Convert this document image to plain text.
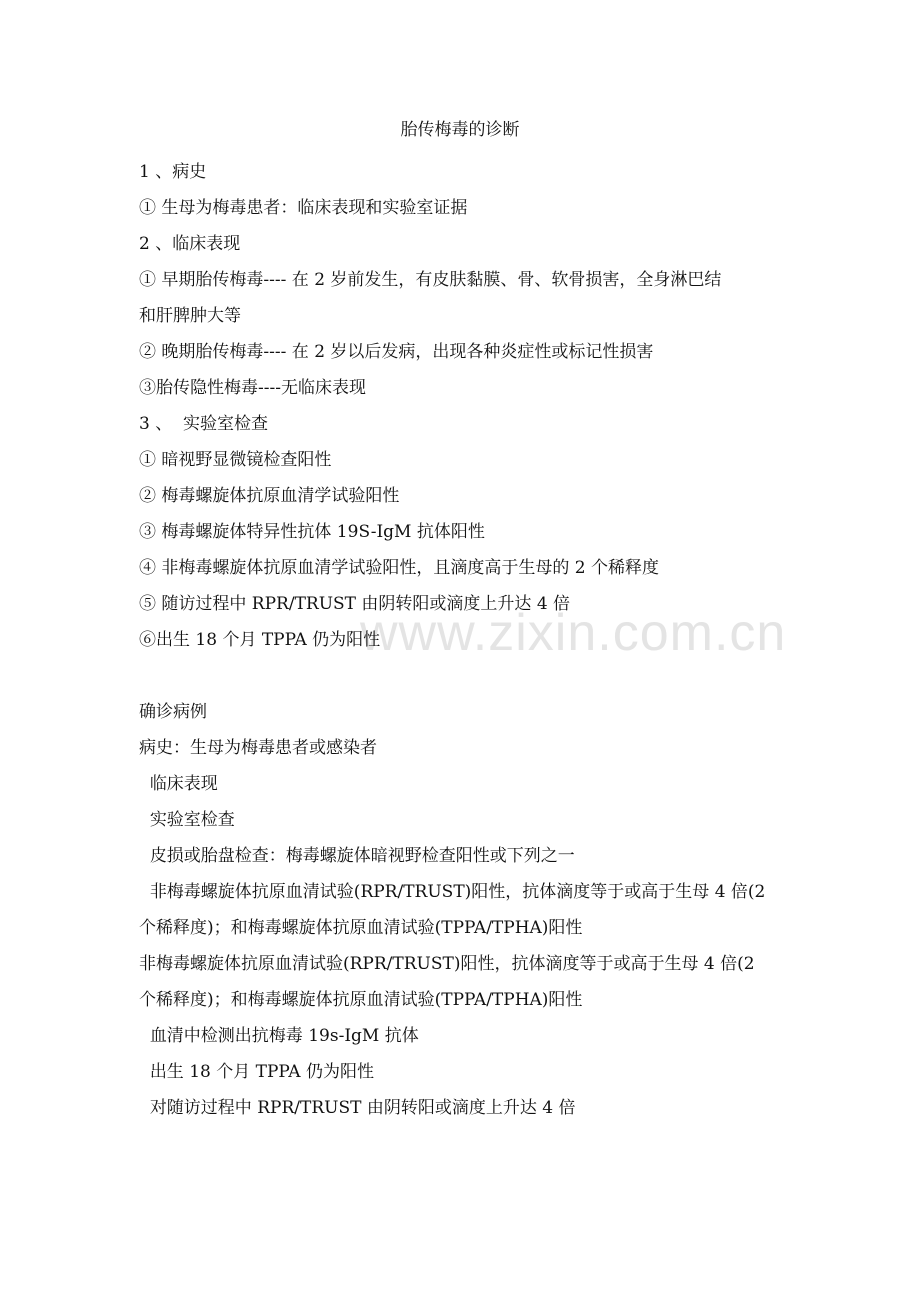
www.zixin.com.cn
胎传梅毒的诊断

1 、病史

① 生母为梅毒患者：临床表现和实验室证据

2 、临床表现

① 早期胎传梅毒---- 在 2 岁前发生，有皮肤黏膜、骨、软骨损害，全身淋巴结

和肝脾肿大等

② 晚期胎传梅毒---- 在 2 岁以后发病，出现各种炎症性或标记性损害

③胎传隐性梅毒----无临床表现

3 、  实验室检查

① 暗视野显微镜检查阳性

② 梅毒螺旋体抗原血清学试验阳性

③ 梅毒螺旋体特异性抗体 19S-IgM 抗体阳性

④ 非梅毒螺旋体抗原血清学试验阳性，且滴度高于生母的 2 个稀释度

⑤ 随访过程中 RPR/TRUST 由阴转阳或滴度上升达 4 倍

⑥出生 18 个月 TPPA 仍为阳性

确诊病例

病史：生母为梅毒患者或感染者

临床表现

实验室检查

皮损或胎盘检查：梅毒螺旋体暗视野检查阳性或下列之一

非梅毒螺旋体抗原血清试验(RPR/TRUST)阳性，抗体滴度等于或高于生母 4 倍(2

个稀释度)；和梅毒螺旋体抗原血清试验(TPPA/TPHA)阳性

非梅毒螺旋体抗原血清试验(RPR/TRUST)阳性，抗体滴度等于或高于生母 4 倍(2

个稀释度)；和梅毒螺旋体抗原血清试验(TPPA/TPHA)阳性

血清中检测出抗梅毒 19s-IgM 抗体

出生 18 个月 TPPA 仍为阳性

对随访过程中 RPR/TRUST 由阴转阳或滴度上升达 4 倍
